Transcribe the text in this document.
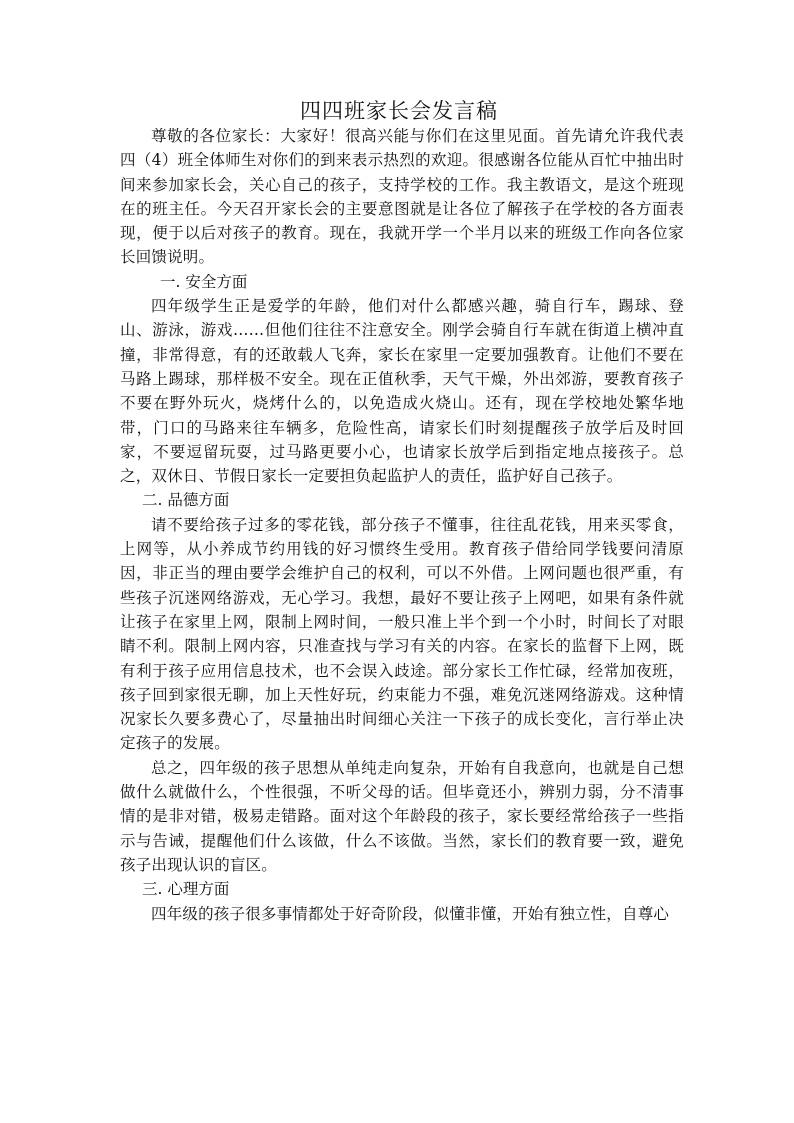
四四班家长会发言稿

尊敬的各位家长：大家好！很高兴能与你们在这里见面。首先请允许我代表四（4）班全体师生对你们的到来表示热烈的欢迎。很感谢各位能从百忙中抽出时间来参加家长会，关心自己的孩子，支持学校的工作。我主教语文，是这个班现在的班主任。今天召开家长会的主要意图就是让各位了解孩子在学校的各方面表现，便于以后对孩子的教育。现在，我就开学一个半月以来的班级工作向各位家长回馈说明。

一. 安全方面

四年级学生正是爱学的年龄，他们对什么都感兴趣，骑自行车，踢球、登山、游泳，游戏……但他们往往不注意安全。刚学会骑自行车就在街道上横冲直撞，非常得意，有的还敢载人飞奔，家长在家里一定要加强教育。让他们不要在马路上踢球，那样极不安全。现在正值秋季，天气干燥，外出郊游，要教育孩子不要在野外玩火，烧烤什么的，以免造成火烧山。还有，现在学校地处繁华地带，门口的马路来往车辆多，危险性高，请家长们时刻提醒孩子放学后及时回家，不要逗留玩耍，过马路更要小心，也请家长放学后到指定地点接孩子。总之，双休日、节假日家长一定要担负起监护人的责任，监护好自己孩子。

二. 品德方面

请不要给孩子过多的零花钱，部分孩子不懂事，往往乱花钱，用来买零食，上网等，从小养成节约用钱的好习惯终生受用。教育孩子借给同学钱要问清原因，非正当的理由要学会维护自己的权利，可以不外借。上网问题也很严重，有些孩子沉迷网络游戏，无心学习。我想，最好不要让孩子上网吧，如果有条件就让孩子在家里上网，限制上网时间，一般只准上半个到一个小时，时间长了对眼睛不利。限制上网内容，只准查找与学习有关的内容。在家长的监督下上网，既有利于孩子应用信息技术，也不会误入歧途。部分家长工作忙碌，经常加夜班，孩子回到家很无聊，加上天性好玩，约束能力不强，难免沉迷网络游戏。这种情况家长久要多费心了，尽量抽出时间细心关注一下孩子的成长变化，言行举止决定孩子的发展。

总之，四年级的孩子思想从单纯走向复杂，开始有自我意向，也就是自己想做什么就做什么，个性很强，不听父母的话。但毕竟还小，辨别力弱，分不清事情的是非对错，极易走错路。面对这个年龄段的孩子，家长要经常给孩子一些指示与告诫，提醒他们什么该做，什么不该做。当然，家长们的教育要一致，避免孩子出现认识的盲区。

三. 心理方面

四年级的孩子很多事情都处于好奇阶段，似懂非懂，开始有独立性，自尊心
